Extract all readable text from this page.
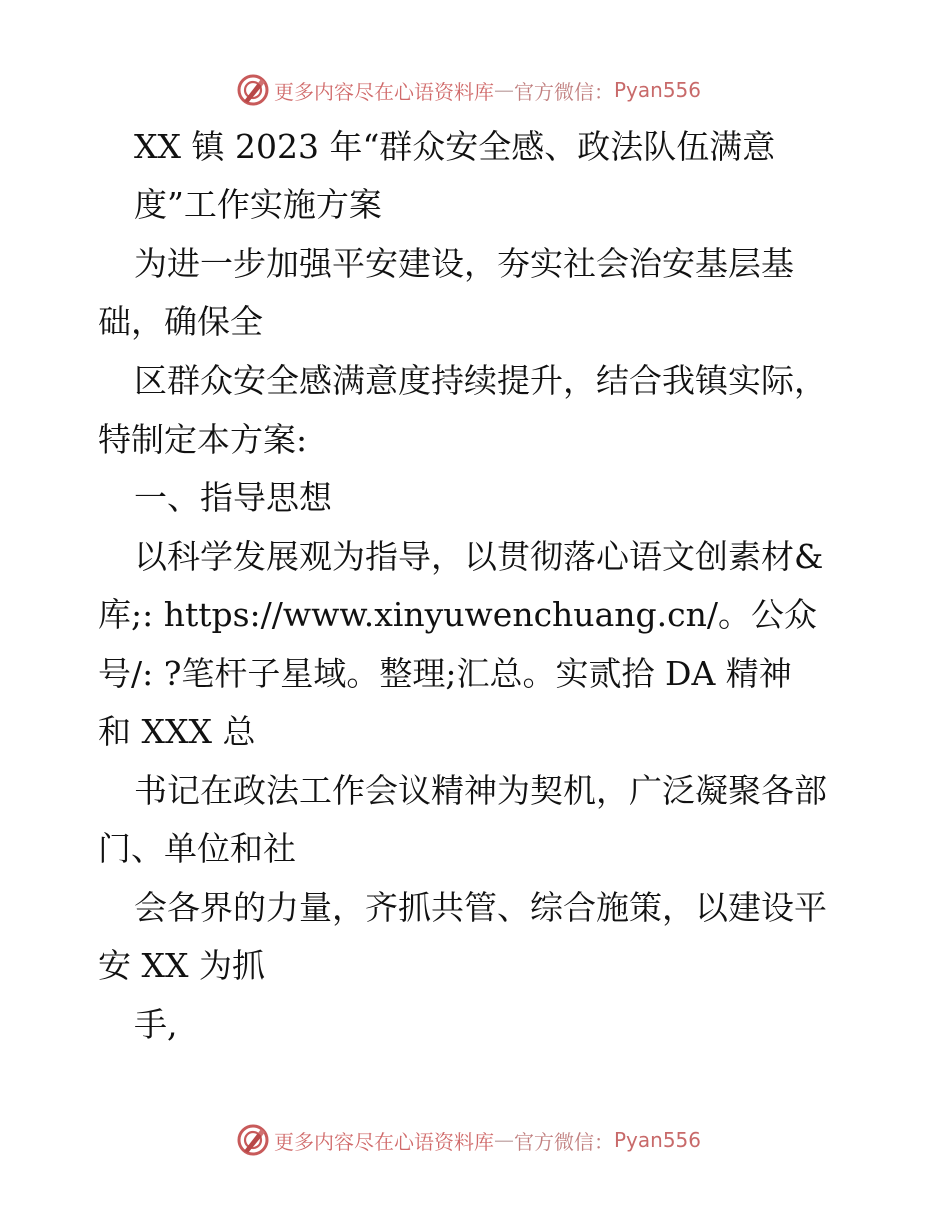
更多内容尽在心语资料库 — 官方微信： Pyan556
XX 镇 2023 年“群众安全感、政法队伍满意
度”工作实施方案
为进一步加强平安建设，夯实社会治安基层基
础，确保全
区群众安全感满意度持续提升，结合我镇实际，
特制定本方案:
一、指导思想
以科学发展观为指导，以贯彻落心语文创素材&
库;: https://www.xinyuwenchuang.cn/。公众
号/: ?笔杆子星域。整理;汇总。实贰拾 DA 精神
和 XXX 总
书记在政法工作会议精神为契机，广泛凝聚各部
门、单位和社
会各界的力量，齐抓共管、综合施策，以建设平
安 XX 为抓
手,
更多内容尽在心语资料库 — 官方微信： Pyan556
